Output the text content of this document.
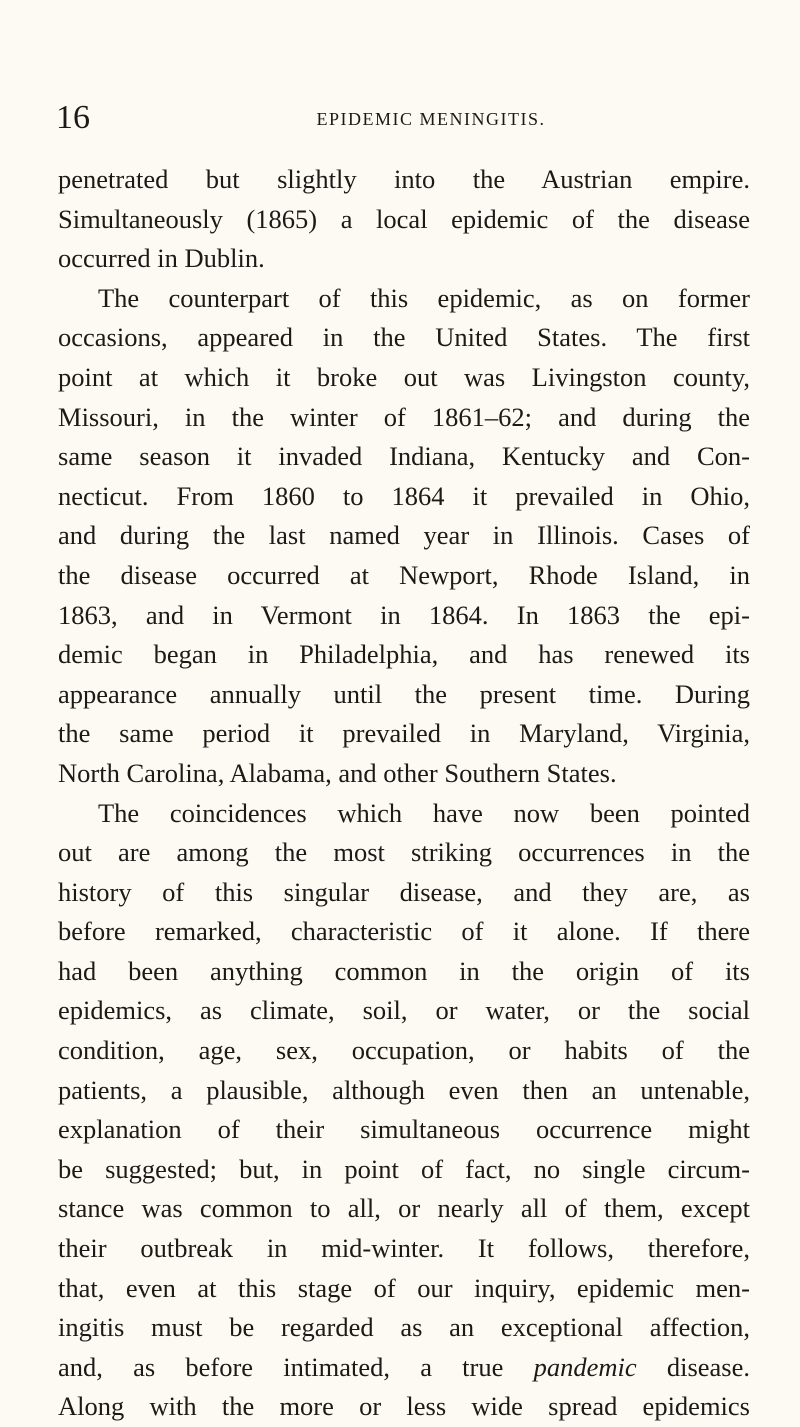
16	EPIDEMIC MENINGITIS.
penetrated but slightly into the Austrian empire.
Simultaneously (1865) a local epidemic of the disease
occurred in Dublin.
The counterpart of this epidemic, as on former
occasions, appeared in the United States. The first
point at which it broke out was Livingston county,
Missouri, in the winter of 1861–62; and during the
same season it invaded Indiana, Kentucky and Con-
necticut. From 1860 to 1864 it prevailed in Ohio,
and during the last named year in Illinois. Cases of
the disease occurred at Newport, Rhode Island, in
1863, and in Vermont in 1864. In 1863 the epi-
demic began in Philadelphia, and has renewed its
appearance annually until the present time. During
the same period it prevailed in Maryland, Virginia,
North Carolina, Alabama, and other Southern States.
The coincidences which have now been pointed
out are among the most striking occurrences in the
history of this singular disease, and they are, as
before remarked, characteristic of it alone. If there
had been anything common in the origin of its
epidemics, as climate, soil, or water, or the social
condition, age, sex, occupation, or habits of the
patients, a plausible, although even then an untenable,
explanation of their simultaneous occurrence might
be suggested; but, in point of fact, no single circum-
stance was common to all, or nearly all of them, except
their outbreak in mid-winter. It follows, therefore,
that, even at this stage of our inquiry, epidemic men-
ingitis must be regarded as an exceptional affection,
and, as before intimated, a true pandemic disease.
Along with the more or less wide spread epidemics
